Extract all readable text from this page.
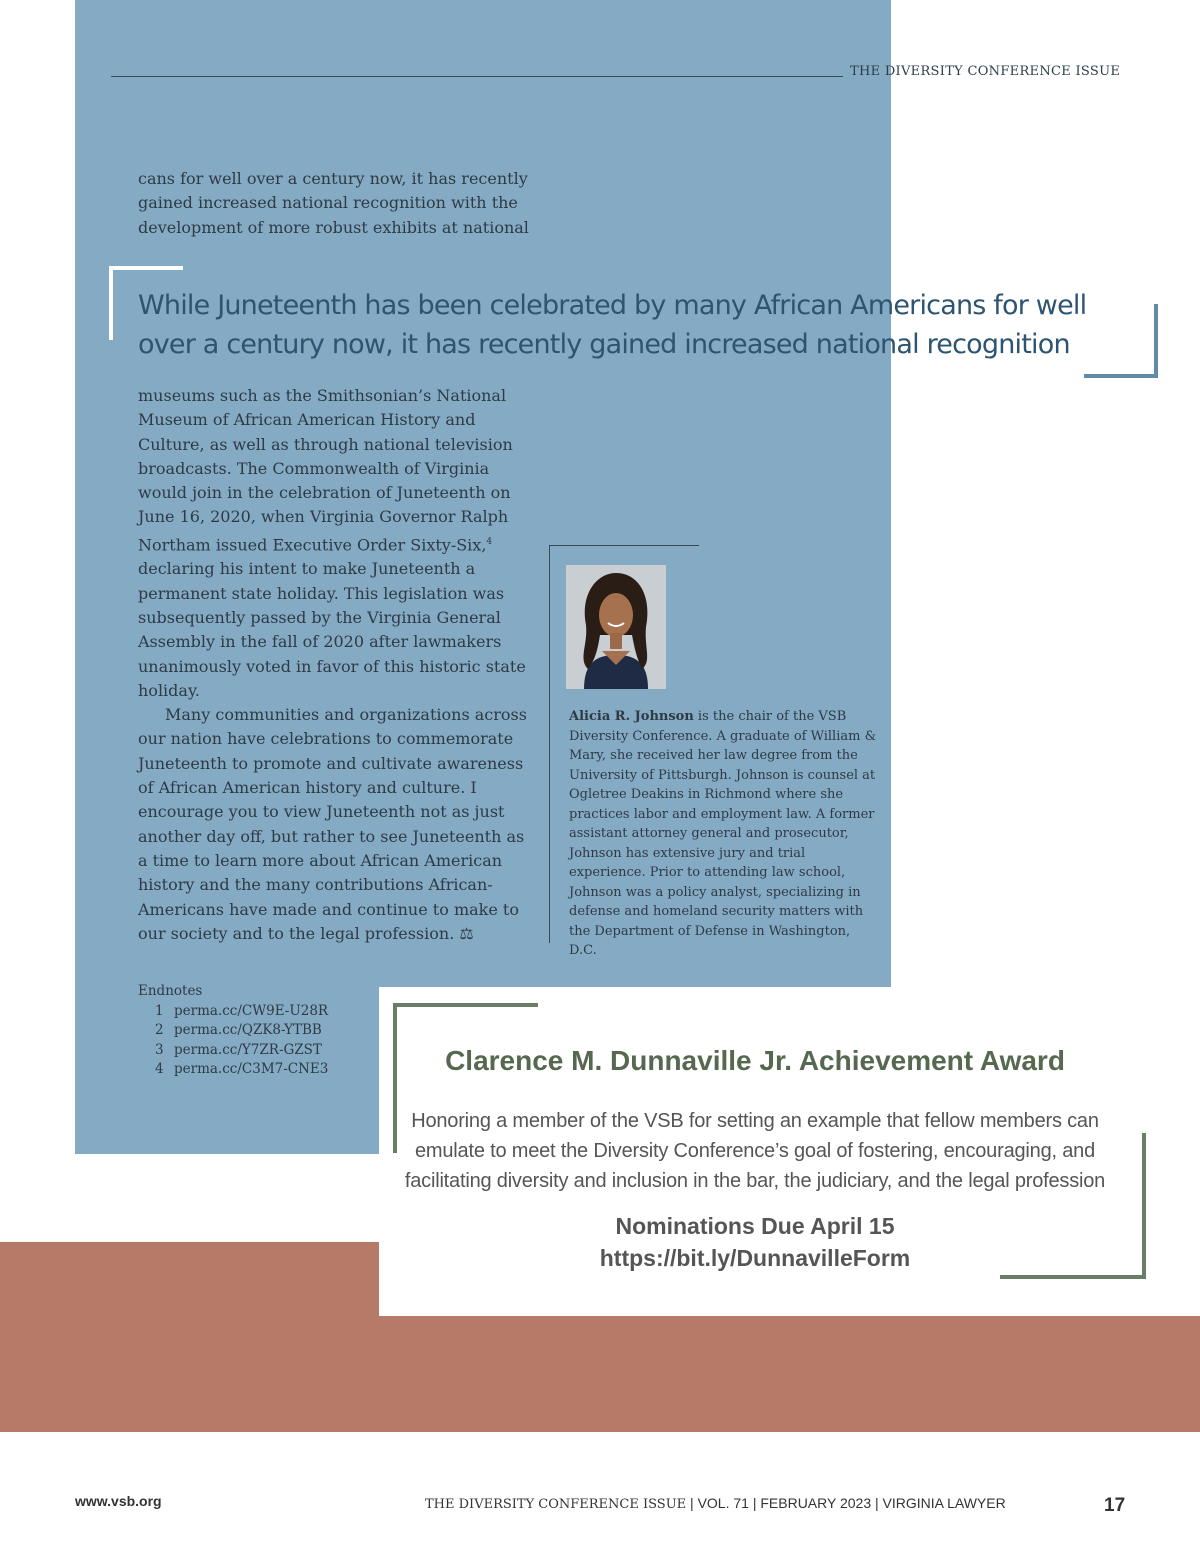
THE DIVERSITY CONFERENCE ISSUE

cans for well over a century now, it has recently gained increased national recognition with the development of more robust exhibits at national

While Juneteenth has been celebrated by many African Americans for well over a century now, it has recently gained increased national recognition

museums such as the Smithsonian’s National Museum of African American History and Culture, as well as through national television broadcasts. The Commonwealth of Virginia would join in the celebration of Juneteenth on June 16, 2020, when Virginia Governor Ralph Northam issued Executive Order Sixty-Six,$^4$ declaring his intent to make Juneteenth a permanent state holiday. This legislation was subsequently passed by the Virginia General Assembly in the fall of 2020 after lawmakers unanimously voted in favor of this historic state holiday.
Many communities and organizations across our nation have celebrations to commemorate Juneteenth to promote and cultivate awareness of African American history and culture. I encourage you to view Juneteenth not as just another day off, but rather to see Juneteenth as a time to learn more about African American history and the many contributions African-Americans have made and continue to make to our society and to the legal profession. ⚖

Alicia R. Johnson is the chair of the VSB Diversity Conference. A graduate of William & Mary, she received her law degree from the University of Pittsburgh. Johnson is counsel at Ogletree Deakins in Richmond where she practices labor and employment law. A former assistant attorney general and prosecutor, Johnson has extensive jury and trial experience. Prior to attending law school, Johnson was a policy analyst, specializing in defense and homeland security matters with the Department of Defense in Washington, D.C.

Endnotes
1 perma.cc/CW9E-U28R
2 perma.cc/QZK8-YTBB
3 perma.cc/Y7ZR-GZST
4 perma.cc/C3M7-CNE3	Clarence M. Dunnaville Jr. Achievement Award

Honoring a member of the VSB for setting an example that fellow members can emulate to meet the Diversity Conference’s goal of fostering, encouraging, and facilitating diversity and inclusion in the bar, the judiciary, and the legal profession

Nominations Due April 15
https://bit.ly/DunnavilleForm

www.vsb.org	THE DIVERSITY CONFERENCE ISSUE | VOL. 71 | FEBRUARY 2023 | VIRGINIA LAWYER	17
